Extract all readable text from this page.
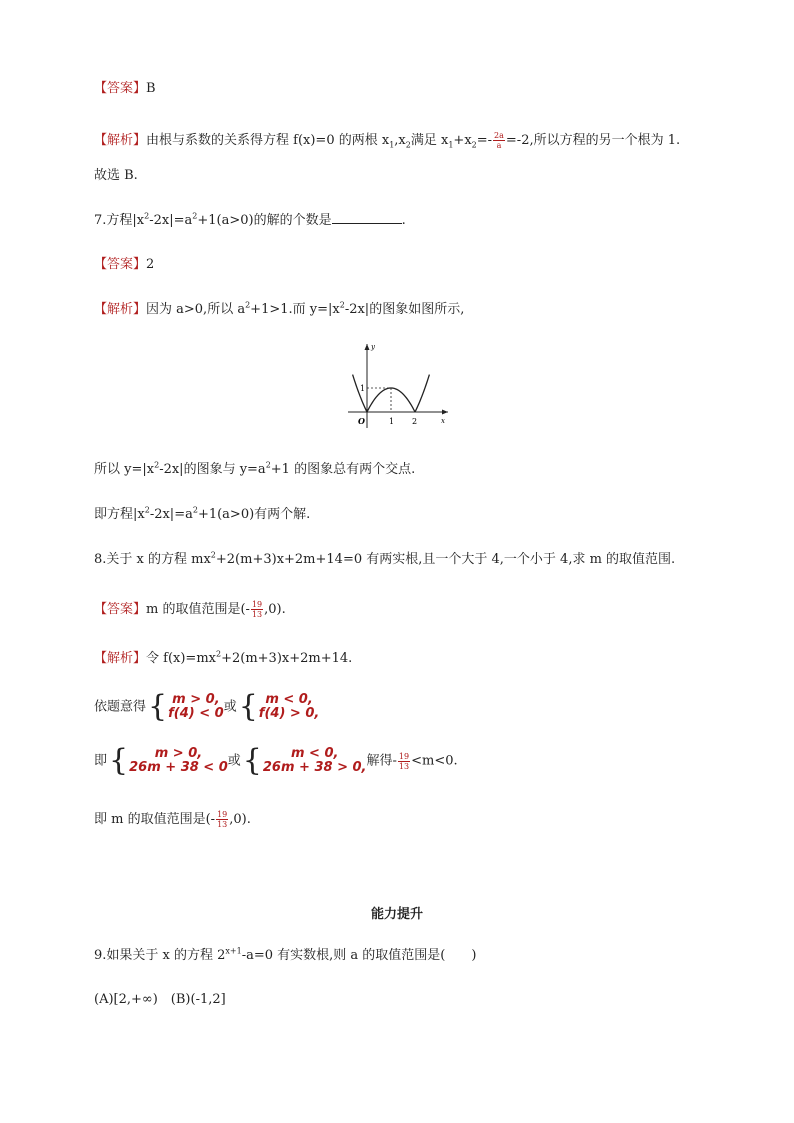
【答案】B
【解析】由根与系数的关系得方程 f(x)=0 的两根 $x_1,x_2$满足 $x_1+x_2=- \frac{2a}{a} =-2$,所以方程的另一个根为 1.
故选 B.
7.方程$|x^2-2x|=a^2+1(a>0)$的解的个数是	.
【答案】2
【解析】因为 a>0,所以 $a^2+1>1$.而 $y=|x^2-2x|$的图象如图所示,
y
x
O	1 2
1
所以 $y=|x^2-2x|$的图象与 $y=a^2+1$ 的图象总有两个交点.
即方程$|x^2-2x|=a^2+1(a>0)$有两个解.
8.关于 x 的方程 $mx^2+2(m+3)x+2m+14=0$ 有两实根,且一个大于 4,一个小于 4,求 m 的取值范围.
【答案】m 的取值范围是(- $\frac{19}{13} ,0$).
【解析】令 $f(x)=mx^2+2(m+3)x+2m+14$.
依题意得{ m > 0,
f(4) < 0 或{ m < 0,
f(4) > 0,
即{	m > 0,
26m + 38 < 0 或{	m < 0,
26m + 38 > 0, 解得- $\frac{19}{13} <m<0$.
即 m 的取值范围是(- $\frac{19}{13} ,0$).
能力提升
9.如果关于 x 的方程 $2^{x+1}-a=0$ 有实数根,则 a 的取值范围是(　　)
(A)[2,+∞)　(B)(-1,2]
